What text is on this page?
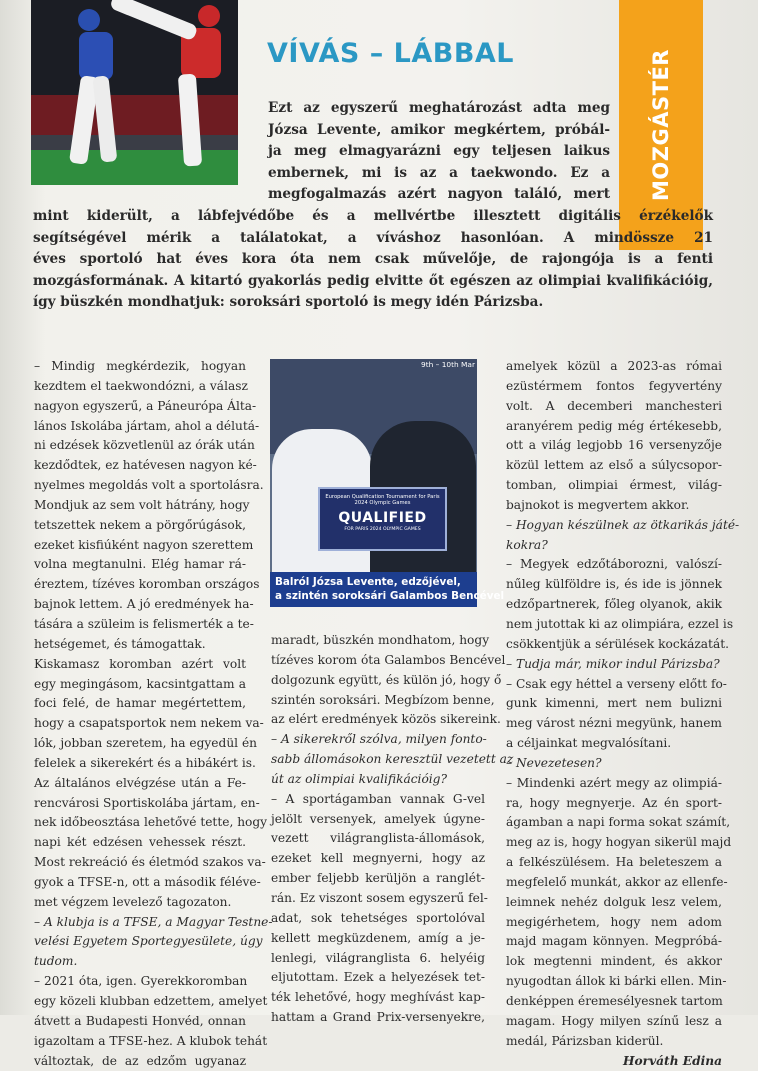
VÍVÁS – LÁBBAL	MOZGÁSTÉR
Ezt az egyszerű meghatározást adta meg
Józsa Levente, amikor megkértem, próbál-
ja meg elmagyarázni egy teljesen laikus
embernek, mi is az a taekwondo. Ez a
megfogalmazás azért nagyon találó, mert
mint kiderült, a lábfejvédőbe és a mellvértbe illesztett digitális érzékelők
segítségével mérik a találatokat, a víváshoz hasonlóan. A mindössze 21
éves sportoló hat éves kora óta nem csak művelője, de rajongója is a fenti
mozgásformának. A kitartó gyakorlás pedig elvitte őt egészen az olimpiai kvalifikációig,
így büszkén mondhatjuk: soroksári sportoló is megy idén Párizsba.
– Mindig megkérdezik, hogyan
kezdtem el taekwondózni, a válasz
nagyon egyszerű, a Páneurópa Álta-
lános Iskolába jártam, ahol a délutá-
ni edzések közvetlenül az órák után
kezdődtek, ez hatévesen nagyon ké-
nyelmes megoldás volt a sportolásra.
Mondjuk az sem volt hátrány, hogy
tetszettek nekem a pörgőrúgások,
ezeket kisfiúként nagyon szerettem
volna megtanulni. Elég hamar rá-
éreztem, tízéves koromban országos
bajnok lettem. A jó eredmények ha-
tására a szüleim is felismerték a te-
hetségemet, és támogattak.
Kiskamasz koromban azért volt
egy megingásom, kacsintgattam a
foci felé, de hamar megértettem,
hogy a csapatsportok nem nekem va-
lók, jobban szeretem, ha egyedül én
felelek a sikerekért és a hibákért is.
Az általános elvégzése után a Fe-
rencvárosi Sportiskolába jártam, en-
nek időbeosztása lehetővé tette, hogy
napi két edzésen vehessek részt.
Most rekreáció és életmód szakos va-
gyok a TFSE-n, ott a második féléve-
met végzem levelező tagozaton.
– A klubja is a TFSE, a Magyar Testne-
velési Egyetem Sportegyesülete, úgy
tudom.
– 2021 óta, igen. Gyerekkoromban
egy közeli klubban edzettem, amelyet
átvett a Budapesti Honvéd, onnan
igazoltam a TFSE-hez. A klubok tehát
változtak, de az edzőm ugyanaz
9th – 10th Mar
European Qualification Tournament for Paris 2024 Olympic Games
QUALIFIED
FOR PARIS 2024 OLYMPIC GAMES
Balról Józsa Levente, edzőjével,
a szintén soroksári Galambos Bencével
maradt, büszkén mondhatom, hogy
tízéves korom óta Galambos Bencével
dolgozunk együtt, és külön jó, hogy ő
szintén soroksári. Megbízom benne,
az elért eredmények közös sikereink.
– A sikerekről szólva, milyen fonto-
sabb állomásokon keresztül vezetett az
út az olimpiai kvalifikációig?
– A sportágamban vannak G-vel
jelölt versenyek, amelyek úgyne-
vezett világranglista-állomások,
ezeket kell megnyerni, hogy az
ember feljebb kerüljön a ranglét-
rán. Ez viszont sosem egyszerű fel-
adat, sok tehetséges sportolóval
kellett megküzdenem, amíg a je-
lenlegi, világranglista 6. helyéig
eljutottam. Ezek a helyezések tet-
ték lehetővé, hogy meghívást kap-
hattam a Grand Prix-versenyekre,
amelyek közül a 2023-as római
ezüstérmem fontos fegyvertény
volt. A decemberi manchesteri
aranyérem pedig még értékesebb,
ott a világ legjobb 16 versenyzője
közül lettem az első a súlycsopor-
tomban, olimpiai érmest, világ-
bajnokot is megvertem akkor.
– Hogyan készülnek az ötkarikás játé-
kokra?
– Megyek edzőtáborozni, valószí-
nűleg külföldre is, és ide is jönnek
edzőpartnerek, főleg olyanok, akik
nem jutottak ki az olimpiára, ezzel is
csökkentjük a sérülések kockázatát.
– Tudja már, mikor indul Párizsba?
– Csak egy héttel a verseny előtt fo-
gunk kimenni, mert nem bulizni
meg várost nézni megyünk, hanem
a céljainkat megvalósítani.
– Nevezetesen?
– Mindenki azért megy az olimpiá-
ra, hogy megnyerje. Az én sport-
ágamban a napi forma sokat számít,
meg az is, hogy hogyan sikerül majd
a felkészülésem. Ha beleteszem a
megfelelő munkát, akkor az ellenfe-
leimnek nehéz dolguk lesz velem,
megigérhetem, hogy nem adom
majd magam könnyen. Megpróbá-
lok megtenni mindent, és akkor
nyugodtan állok ki bárki ellen. Min-
denképpen éremesélyesnek tartom
magam. Hogy milyen színű lesz a
medál, Párizsban kiderül.
Horváth Edina
